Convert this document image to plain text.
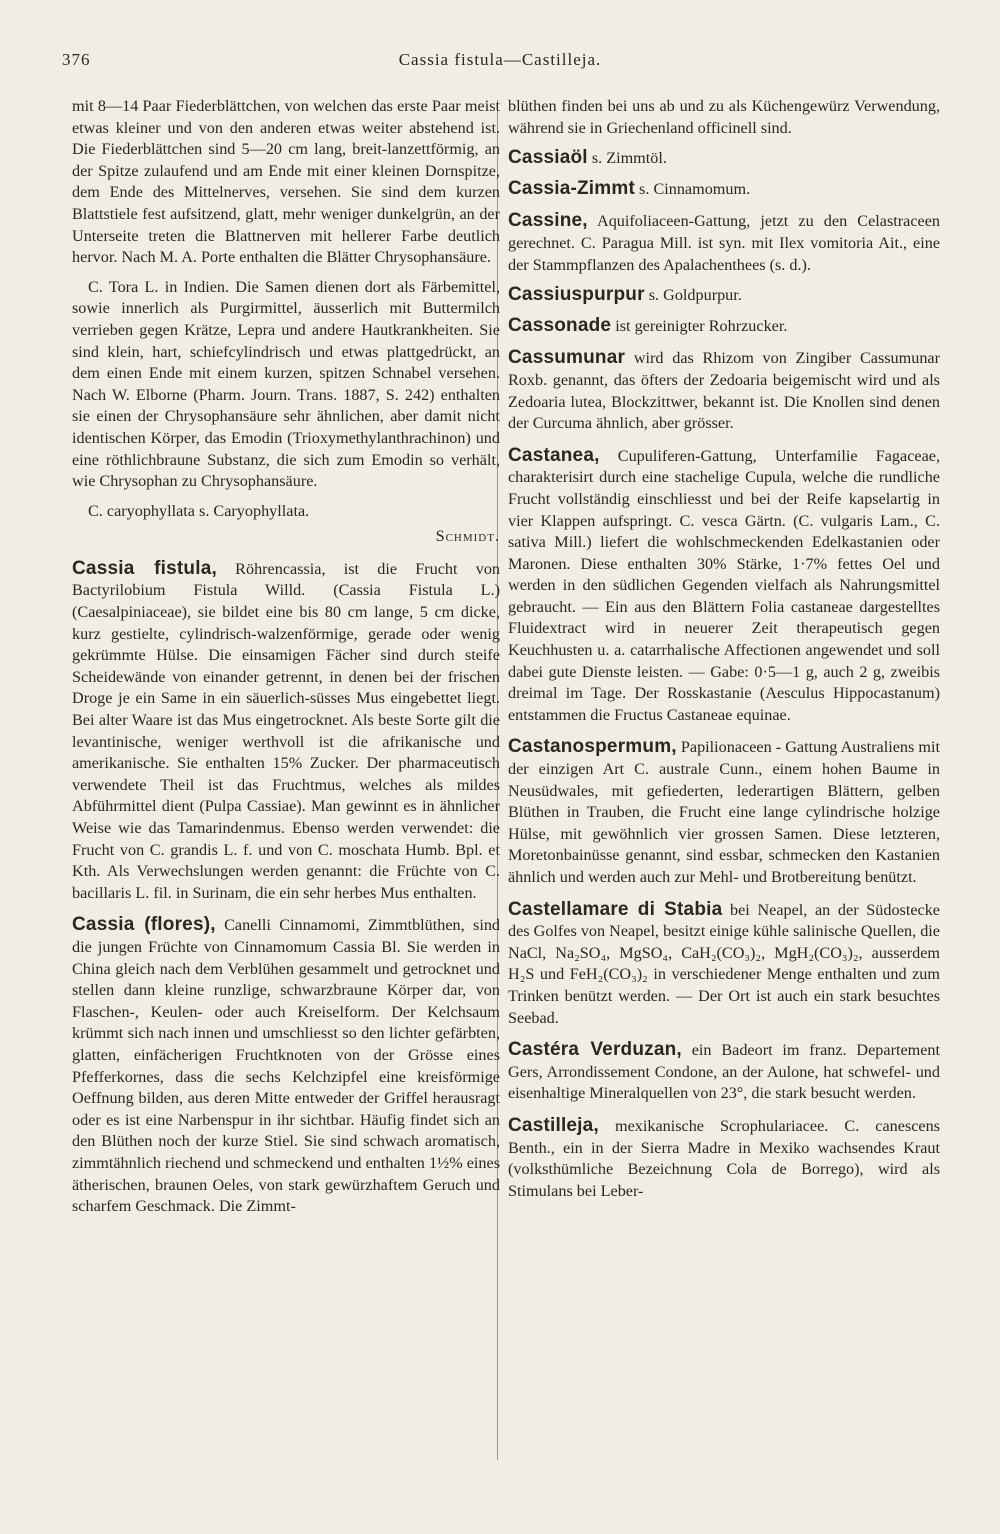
376	Cassia fistula—Castilleja.

mit 8—14 Paar Fiederblättchen, von welchen das erste Paar meist etwas kleiner und von den anderen etwas weiter abstehend ist. Die Fiederblättchen sind 5—20 cm lang, breit-lanzettförmig, an der Spitze zulaufend und am Ende mit einer kleinen Dornspitze, dem Ende des Mittelnerves, versehen. Sie sind dem kurzen Blattstiele fest aufsitzend, glatt, mehr weniger dunkelgrün, an der Unterseite treten die Blattnerven mit hellerer Farbe deutlich hervor. Nach M. A. Porte enthalten die Blätter Chrysophansäure.

C. Tora L. in Indien. Die Samen dienen dort als Färbemittel, sowie innerlich als Purgirmittel, äusserlich mit Buttermilch verrieben gegen Krätze, Lepra und andere Hautkrankheiten. Sie sind klein, hart, schiefcylindrisch und etwas plattgedrückt, an dem einen Ende mit einem kurzen, spitzen Schnabel versehen. Nach W. Elborne (Pharm. Journ. Trans. 1887, S. 242) enthalten sie einen der Chrysophansäure sehr ähnlichen, aber damit nicht identischen Körper, das Emodin (Trioxymethylanthrachinon) und eine röthlichbraune Substanz, die sich zum Emodin so verhält, wie Chrysophan zu Chrysophansäure.

C. caryophyllata s. Caryophyllata.

Schmidt.

Cassia fistula, Röhrencassia, ist die Frucht von Bactyrilobium Fistula Willd. (Cassia Fistula L.) (Caesalpiniaceae), sie bildet eine bis 80 cm lange, 5 cm dicke, kurz gestielte, cylindrisch-walzenförmige, gerade oder wenig gekrümmte Hülse. Die einsamigen Fächer sind durch steife Scheidewände von einander getrennt, in denen bei der frischen Droge je ein Same in ein säuerlich-süsses Mus eingebettet liegt. Bei alter Waare ist das Mus eingetrocknet. Als beste Sorte gilt die levantinische, weniger werthvoll ist die afrikanische und amerikanische. Sie enthalten 15% Zucker. Der pharmaceutisch verwendete Theil ist das Fruchtmus, welches als mildes Abführmittel dient (Pulpa Cassiae). Man gewinnt es in ähnlicher Weise wie das Tamarindenmus. Ebenso werden verwendet: die Frucht von C. grandis L. f. und von C. moschata Humb. Bpl. et Kth. Als Verwechslungen werden genannt: die Früchte von C. bacillaris L. fil. in Surinam, die ein sehr herbes Mus enthalten.

Cassia (flores), Canelli Cinnamomi, Zimmtblüthen, sind die jungen Früchte von Cinnamomum Cassia Bl. Sie werden in China gleich nach dem Verblühen gesammelt und getrocknet und stellen dann kleine runzlige, schwarzbraune Körper dar, von Flaschen-, Keulen- oder auch Kreiselform. Der Kelchsaum krümmt sich nach innen und umschliesst so den lichter gefärbten, glatten, einfächerigen Fruchtknoten von der Grösse eines Pfefferkornes, dass die sechs Kelchzipfel eine kreisförmige Oeffnung bilden, aus deren Mitte entweder der Griffel herausragt oder es ist eine Narbenspur in ihr sichtbar. Häufig findet sich an den Blüthen noch der kurze Stiel. Sie sind schwach aromatisch, zimmtähnlich riechend und schmeckend und enthalten 1½% eines ätherischen, braunen Oeles, von stark gewürzhaftem Geruch und scharfem Geschmack. Die Zimmt-

blüthen finden bei uns ab und zu als Küchengewürz Verwendung, während sie in Griechenland officinell sind.

Cassiaöl s. Zimmtöl.

Cassia-Zimmt s. Cinnamomum.

Cassine, Aquifoliaceen-Gattung, jetzt zu den Celastraceen gerechnet. C. Paragua Mill. ist syn. mit Ilex vomitoria Ait., eine der Stammpflanzen des Apalachenthees (s. d.).

Cassiuspurpur s. Goldpurpur.

Cassonade ist gereinigter Rohrzucker.

Cassumunar wird das Rhizom von Zingiber Cassumunar Roxb. genannt, das öfters der Zedoaria beigemischt wird und als Zedoaria lutea, Blockzittwer, bekannt ist. Die Knollen sind denen der Curcuma ähnlich, aber grösser.

Castanea, Cupuliferen-Gattung, Unterfamilie Fagaceae, charakterisirt durch eine stachelige Cupula, welche die rundliche Frucht vollständig einschliesst und bei der Reife kapselartig in vier Klappen aufspringt. C. vesca Gärtn. (C. vulgaris Lam., C. sativa Mill.) liefert die wohlschmeckenden Edelkastanien oder Maronen. Diese enthalten 30% Stärke, 1·7% fettes Oel und werden in den südlichen Gegenden vielfach als Nahrungsmittel gebraucht. — Ein aus den Blättern Folia castaneae dargestelltes Fluidextract wird in neuerer Zeit therapeutisch gegen Keuchhusten u. a. catarrhalische Affectionen angewendet und soll dabei gute Dienste leisten. — Gabe: 0·5—1 g, auch 2 g, zweibis dreimal im Tage. Der Rosskastanie (Aesculus Hippocastanum) entstammen die Fructus Castaneae equinae.

Castanospermum, Papilionaceen - Gattung Australiens mit der einzigen Art C. australe Cunn., einem hohen Baume in Neusüdwales, mit gefiederten, lederartigen Blättern, gelben Blüthen in Trauben, die Frucht eine lange cylindrische holzige Hülse, mit gewöhnlich vier grossen Samen. Diese letzteren, Moretonbainüsse genannt, sind essbar, schmecken den Kastanien ähnlich und werden auch zur Mehl- und Brotbereitung benützt.

Castellamare di Stabia bei Neapel, an der Südostecke des Golfes von Neapel, besitzt einige kühle salinische Quellen, die NaCl, Na₂SO₄, MgSO₄, CaH₂(CO₃)₂, MgH₂(CO₃)₂, ausserdem H₂S und FeH₂(CO₃)₂ in verschiedener Menge enthalten und zum Trinken benützt werden. — Der Ort ist auch ein stark besuchtes Seebad.

Castéra Verduzan, ein Badeort im franz. Departement Gers, Arrondissement Condone, an der Aulone, hat schwefel- und eisenhaltige Mineralquellen von 23°, die stark besucht werden.

Castilleja, mexikanische Scrophulariacee. C. canescens Benth., ein in der Sierra Madre in Mexiko wachsendes Kraut (volksthümliche Bezeichnung Cola de Borrego), wird als Stimulans bei Leber-
